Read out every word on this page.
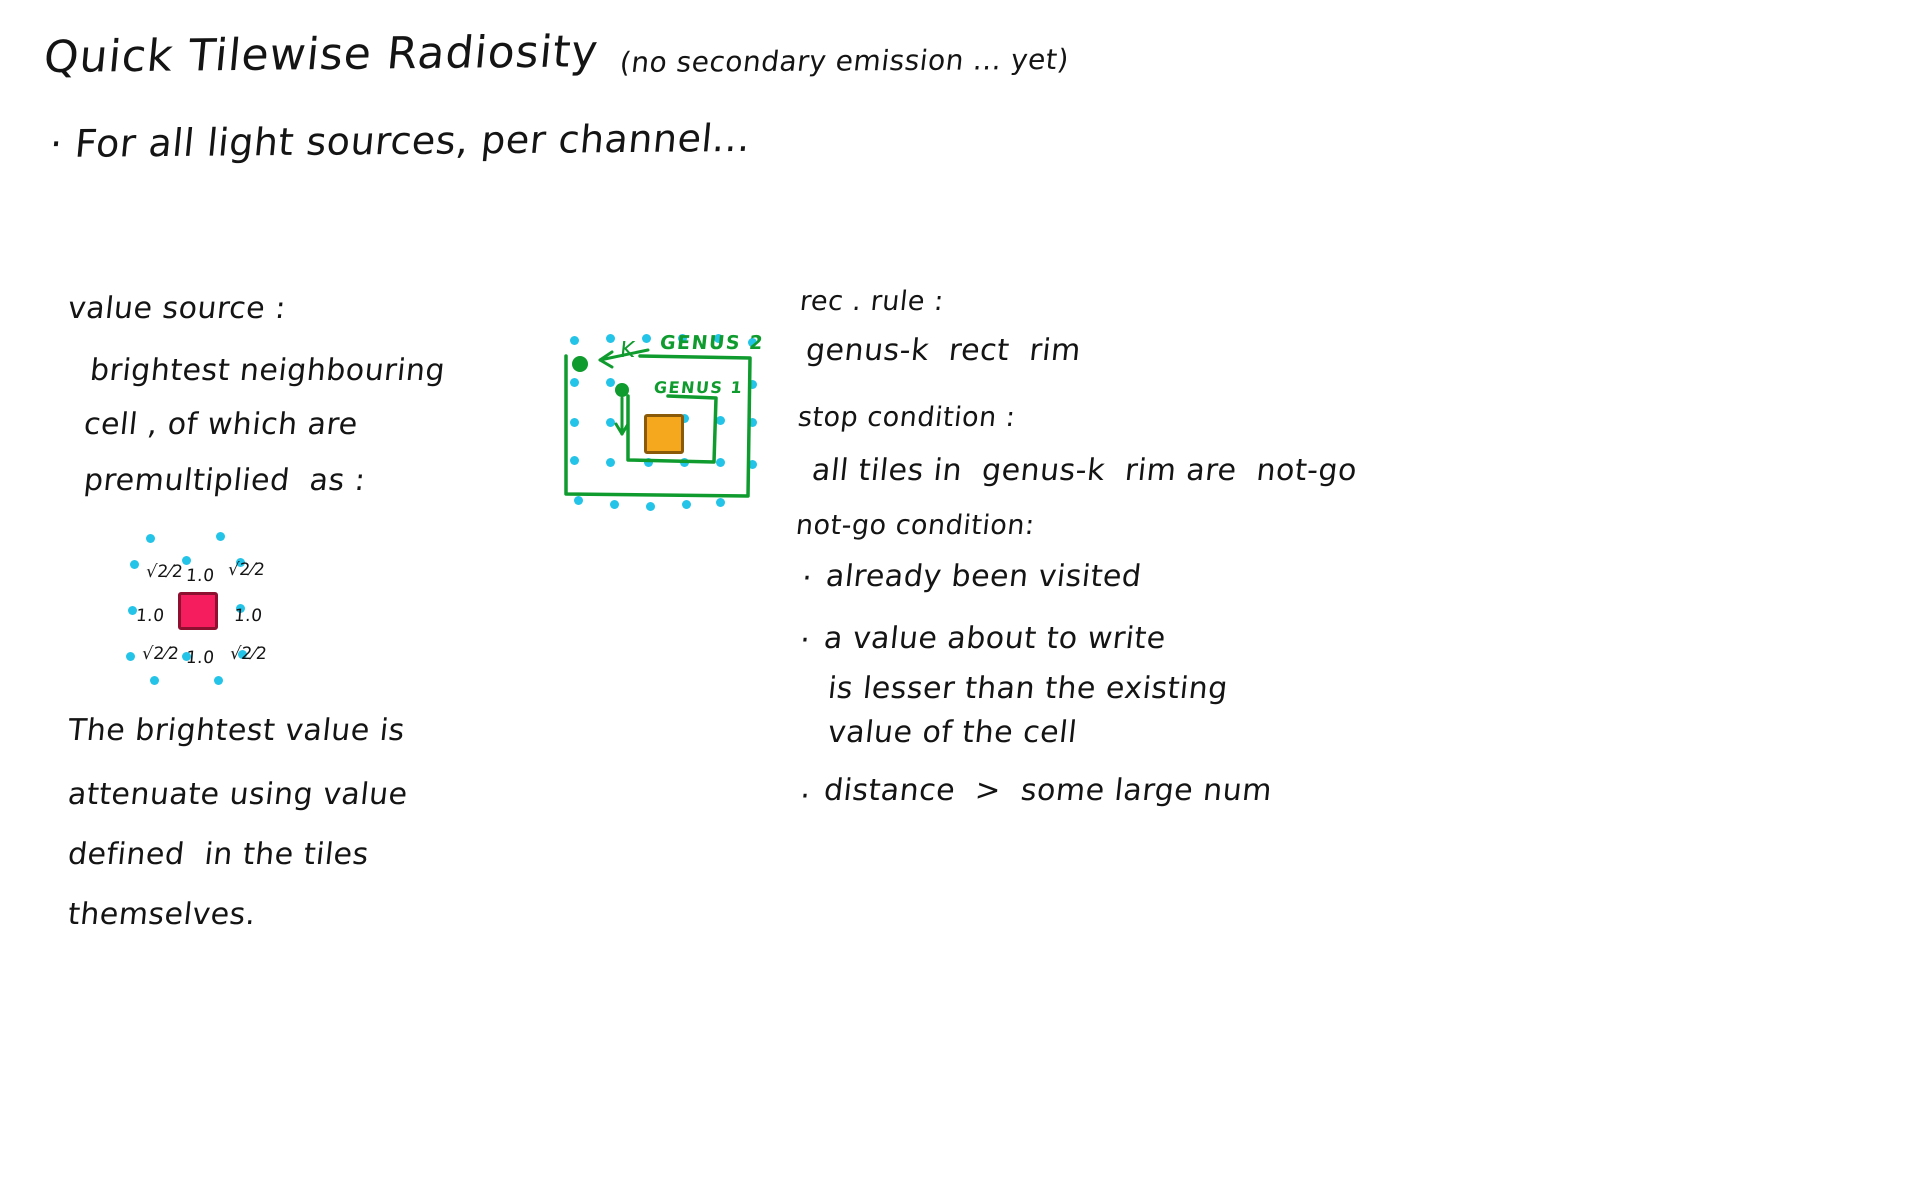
Quick Tilewise Radiosity (no secondary emission ... yet)
· For all light sources, per channel...
value source :
brightest neighbouring
cell , of which are
premultiplied  as :
√2⁄2 1.0 √2⁄2
1.0	1.0
√2⁄2 1.0 √2⁄2
The brightest value is
attenuate using value
defined  in the tiles
themselves.
GENUS 2
GENUS 1
K
rec . rule :
genus-k  rect  rim
stop condition :
all tiles in  genus-k  rim are  not-go
not-go condition:
· already been visited
· a value about to write
is lesser than the existing
value of the cell
· distance  >  some large num
